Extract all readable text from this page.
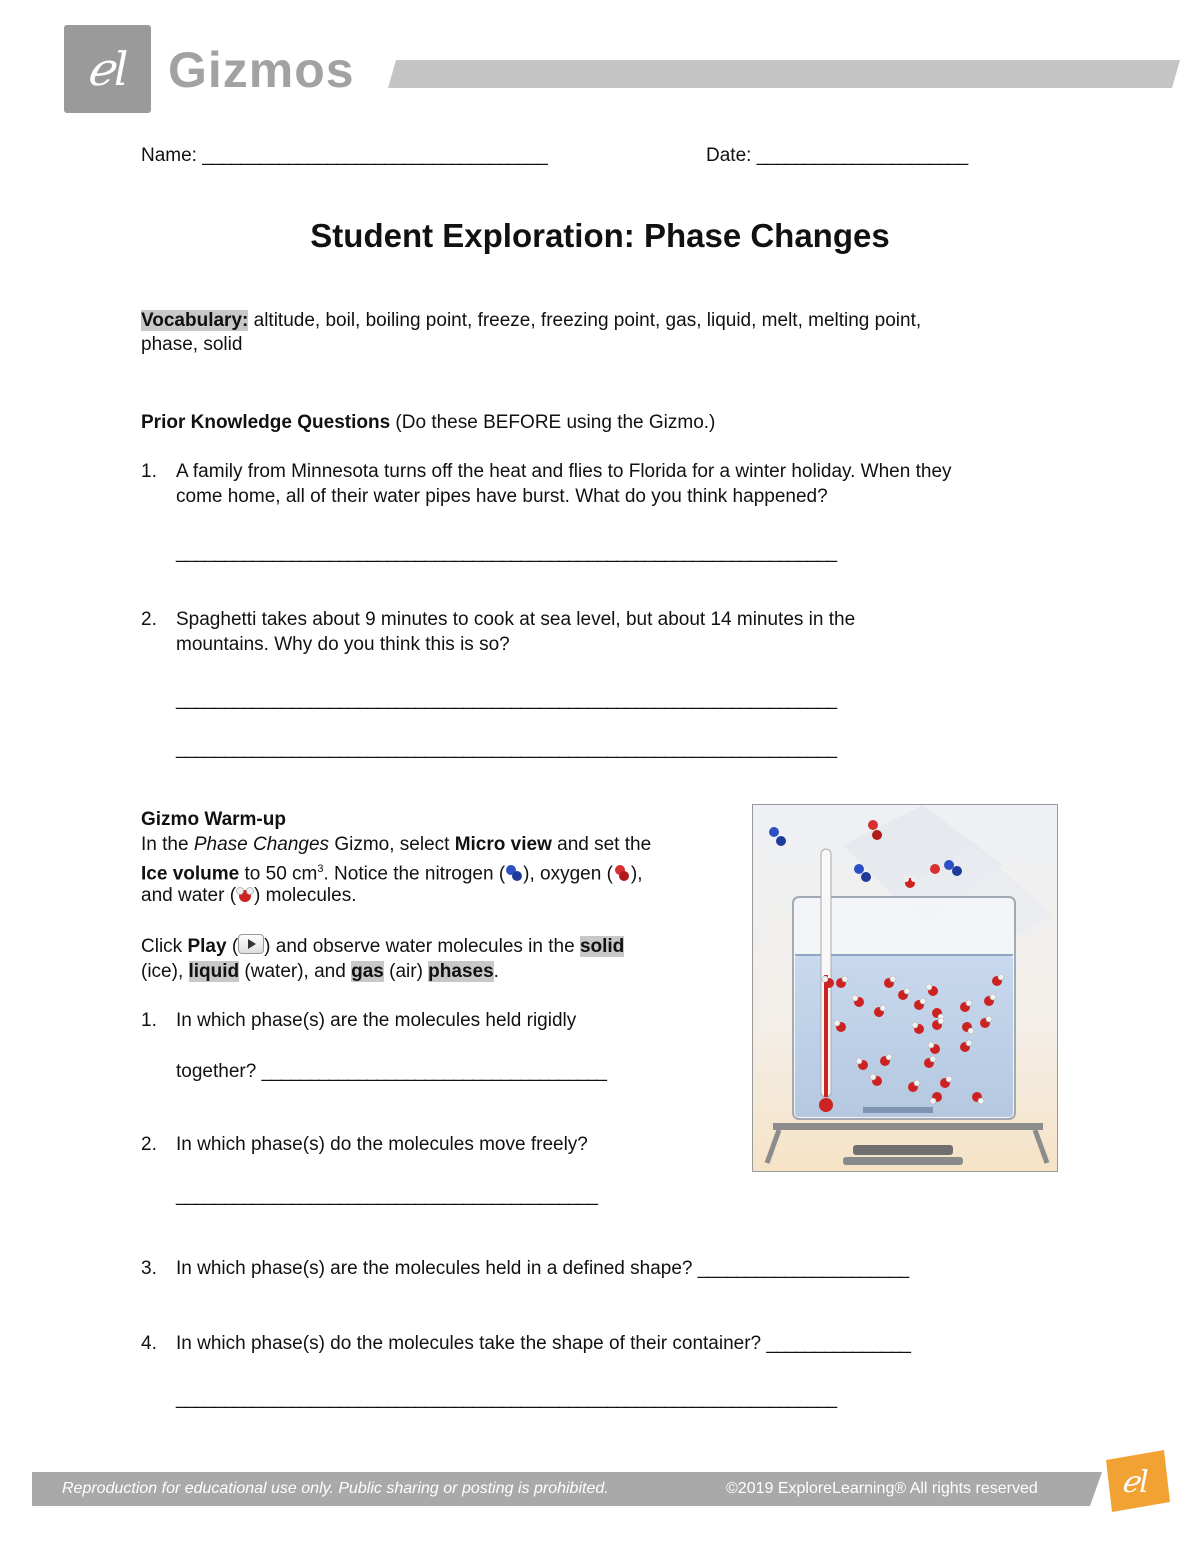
ℯl Gizmos
Name: ____________________________________	Date: ______________________
Student Exploration: Phase Changes
Vocabulary: altitude, boil, boiling point, freeze, freezing point, gas, liquid, melt, melting point,
phase, solid
Prior Knowledge Questions (Do these BEFORE using the Gizmo.)
1. A family from Minnesota turns off the heat and flies to Florida for a winter holiday. When they
come home, all of their water pipes have burst. What do you think happened?
_____________________________________________________________________
2. Spaghetti takes about 9 minutes to cook at sea level, but about 14 minutes in the
mountains. Why do you think this is so?
_____________________________________________________________________
_____________________________________________________________________
Gizmo Warm-up
In the Phase Changes Gizmo, select Micro view and set the
Ice volume to 50 $cm^3$. Notice the nitrogen ( ), oxygen ( ),
and water ( ) molecules.
Click Play ( ) and observe water molecules in the solid
(ice), liquid (water), and gas (air) phases.
1. In which phase(s) are the molecules held rigidly
together? ____________________________________
2. In which phase(s) do the molecules move freely?
____________________________________________
3. In which phase(s) are the molecules held in a defined shape? ______________________
4. In which phase(s) do the molecules take the shape of their container? _______________
_____________________________________________________________________
Reproduction for educational use only. Public sharing or posting is prohibited.	©2019 ExploreLearning® All rights reserved	ℯl
